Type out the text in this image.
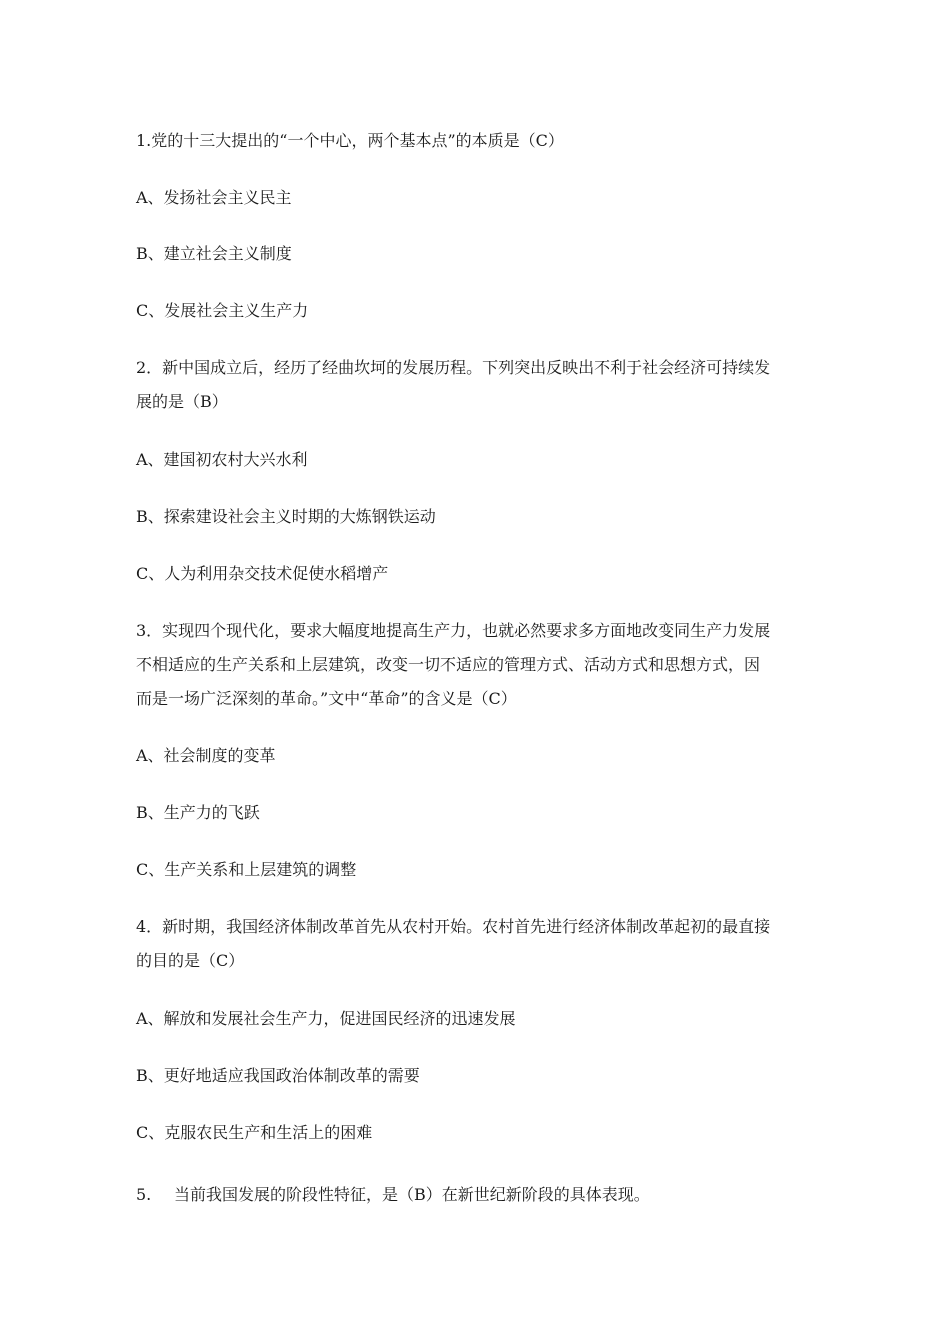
1.党的十三大提出的“一个中心，两个基本点”的本质是（C）
A、发扬社会主义民主
B、建立社会主义制度
C、发展社会主义生产力
2．新中国成立后，经历了经曲坎坷的发展历程。下列突出反映出不利于社会经济可持续发
展的是（B）
A、建国初农村大兴水利
B、探索建设社会主义时期的大炼钢铁运动
C、人为利用杂交技术促使水稻增产
3．实现四个现代化，要求大幅度地提高生产力，也就必然要求多方面地改变同生产力发展
不相适应的生产关系和上层建筑，改变一切不适应的管理方式、活动方式和思想方式，因
而是一场广泛深刻的革命。”文中“革命”的含义是（C）
A、社会制度的变革
B、生产力的飞跃
C、生产关系和上层建筑的调整
4．新时期，我国经济体制改革首先从农村开始。农村首先进行经济体制改革起初的最直接
的目的是（C）
A、解放和发展社会生产力，促进国民经济的迅速发展
B、更好地适应我国政治体制改革的需要
C、克服农民生产和生活上的困难
5. 当前我国发展的阶段性特征，是（B）在新世纪新阶段的具体表现。
